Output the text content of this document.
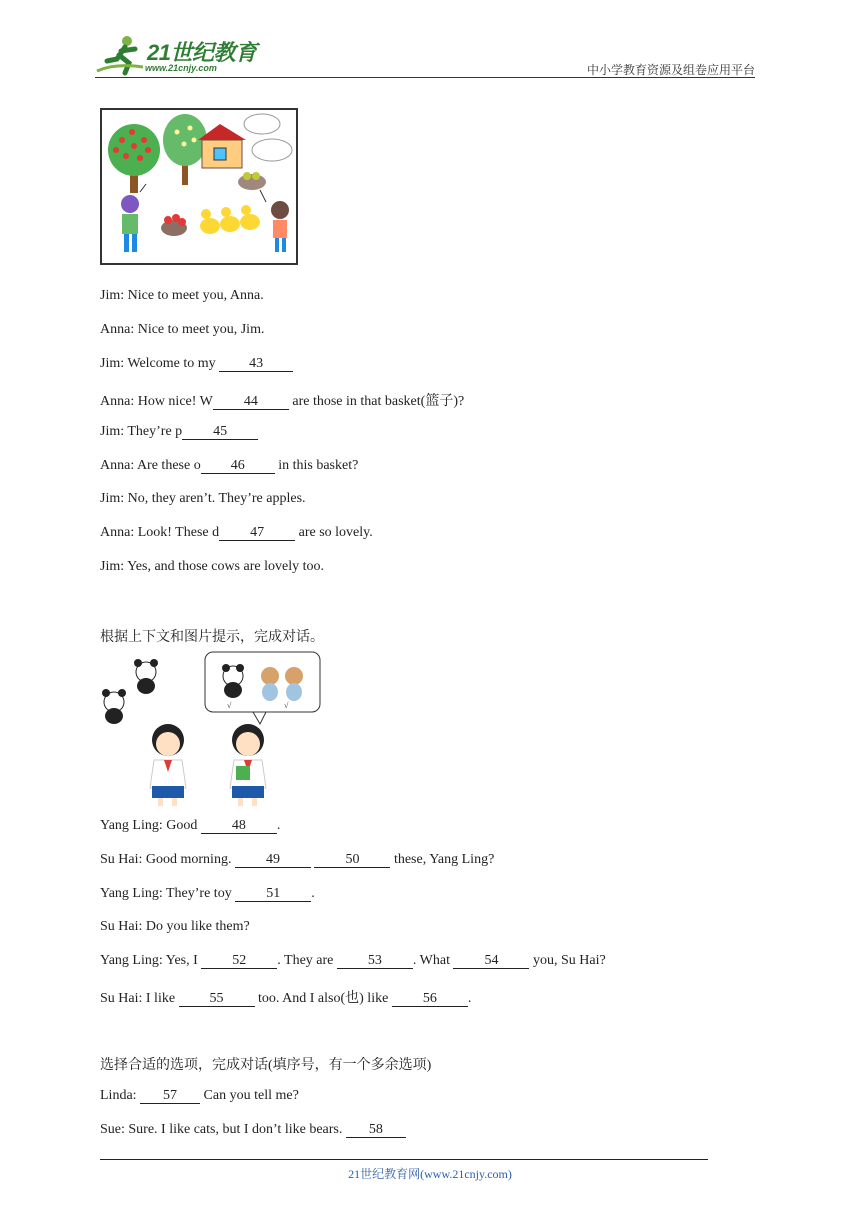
21世纪教育
www.21cnjy.com	中小学教育资源及组卷应用平台
Jim: Nice to meet you, Anna.
Anna: Nice to meet you, Jim.
Jim: Welcome to my 43
Anna: How nice! W 44 are those in that basket(篮子)?
Jim: They’re p 45
Anna: Are these o 46 in this basket?
Jim: No, they aren’t. They’re apples.
Anna: Look! These d 47 are so lovely.
Jim: Yes, and those cows are lovely too.
根据上下文和图片提示，完成对话。
√	√
Yang Ling: Good 48 .
Su Hai: Good morning. 49	50 these, Yang Ling?
Yang Ling: They’re toy 51 .
Su Hai: Do you like them?
Yang Ling: Yes, I 52 . They are 53 . What 54 you, Su Hai?
Su Hai: I like 55 too. And I also(也) like 56 .
选择合适的选项，完成对话(填序号，有一个多余选项)
Linda: 57 Can you tell me?
Sue: Sure. I like cats, but I don’t like bears. 58
21世纪教育网(www.21cnjy.com)
